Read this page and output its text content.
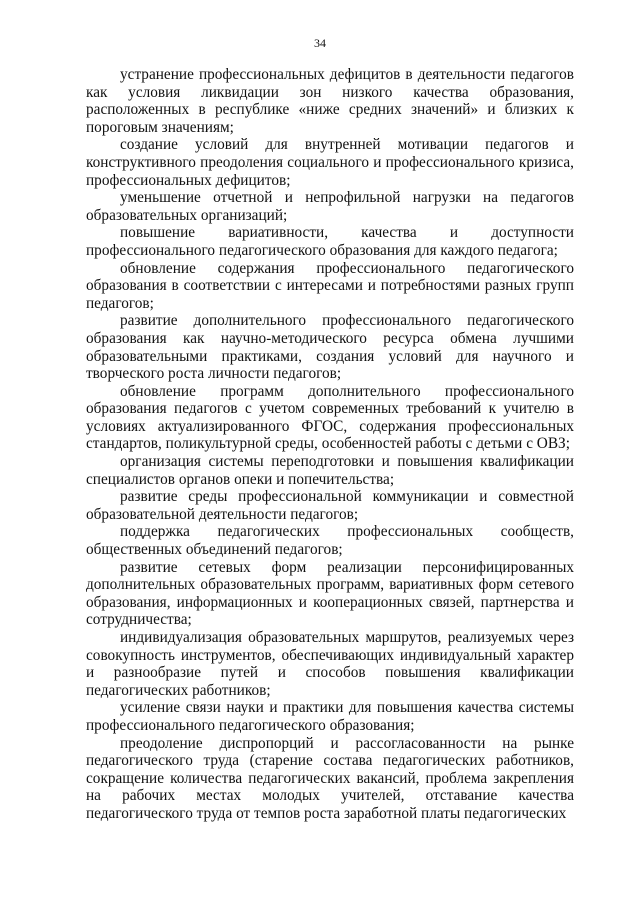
34

устранение профессиональных дефицитов в деятельности педагогов как условия ликвидации зон низкого качества образования, расположенных в республике «ниже средних значений» и близких к пороговым значениям;

создание условий для внутренней мотивации педагогов и конструктивного преодоления социального и профессионального кризиса, профессиональных дефицитов;

уменьшение отчетной и непрофильной нагрузки на педагогов образовательных организаций;

повышение вариативности, качества и доступности профессионального педагогического образования для каждого педагога;

обновление содержания профессионального педагогического образования в соответствии с интересами и потребностями разных групп педагогов;

развитие дополнительного профессионального педагогического образования как научно-методического ресурса обмена лучшими образовательными практиками, создания условий для научного и творческого роста личности педагогов;

обновление программ дополнительного профессионального образования педагогов с учетом современных требований к учителю в условиях актуализированного ФГОС, содержания профессиональных стандартов, поликультурной среды, особенностей работы с детьми с ОВЗ;

организация системы переподготовки и повышения квалификации специалистов органов опеки и попечительства;

развитие среды профессиональной коммуникации и совместной образовательной деятельности педагогов;

поддержка педагогических профессиональных сообществ, общественных объединений педагогов;

развитие сетевых форм реализации персонифицированных дополнительных образовательных программ, вариативных форм сетевого образования, информационных и кооперационных связей, партнерства и сотрудничества;

индивидуализация образовательных маршрутов, реализуемых через совокупность инструментов, обеспечивающих индивидуальный характер и разнообразие путей и способов повышения квалификации педагогических работников;

усиление связи науки и практики для повышения качества системы профессионального педагогического образования;

преодоление диспропорций и рассогласованности на рынке педагогического труда (старение состава педагогических работников, сокращение количества педагогических вакансий, проблема закрепления на рабочих местах молодых учителей, отставание качества педагогического труда от темпов роста заработной платы педагогических
